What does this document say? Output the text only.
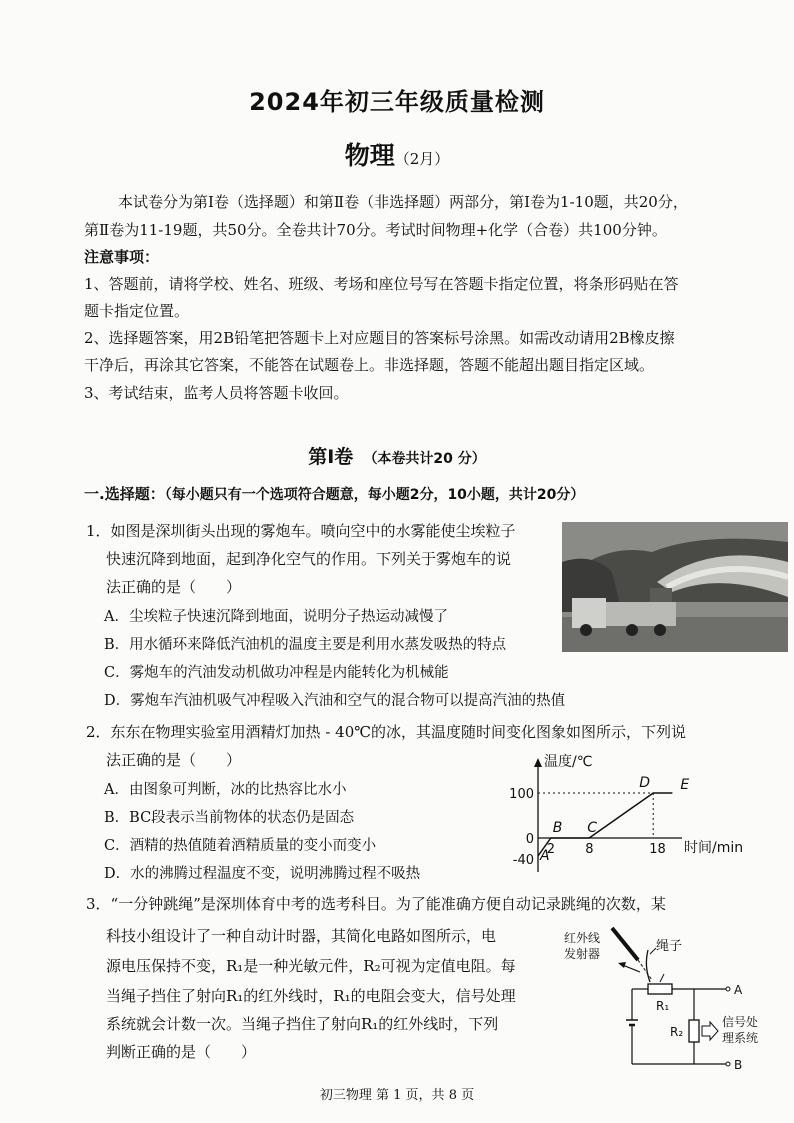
2024年初三年级质量检测
物理（2月）
本试卷分为第Ⅰ卷（选择题）和第Ⅱ卷（非选择题）两部分，第Ⅰ卷为1-10题，共20分，
第Ⅱ卷为11-19题，共50分。全卷共计70分。考试时间物理+化学（合卷）共100分钟。
注意事项：
1、答题前，请将学校、姓名、班级、考场和座位号写在答题卡指定位置，将条形码贴在答
题卡指定位置。
2、选择题答案，用2B铅笔把答题卡上对应题目的答案标号涂黑。如需改动请用2B橡皮擦
干净后，再涂其它答案，不能答在试题卷上。非选择题，答题不能超出题目指定区域。
3、考试结束，监考人员将答题卡收回。
第Ⅰ卷 （本卷共计20 分）
一.选择题：（每小题只有一个选项符合题意，每小题2分，10小题，共计20分）
1．如图是深圳街头出现的雾炮车。喷向空中的水雾能使尘埃粒子
快速沉降到地面，起到净化空气的作用。下列关于雾炮车的说
法正确的是（　　）
A．尘埃粒子快速沉降到地面，说明分子热运动减慢了
B．用水循环来降低汽油机的温度主要是利用水蒸发吸热的特点
C．雾炮车的汽油发动机做功冲程是内能转化为机械能
D．雾炮车汽油机吸气冲程吸入汽油和空气的混合物可以提高汽油的热值
2．东东在物理实验室用酒精灯加热 - 40℃的冰，其温度随时间变化图象如图所示，下列说
法正确的是（　　）
A．由图象可判断，冰的比热容比水小
B．BC段表示当前物体的状态仍是固态
C．酒精的热值随着酒精质量的变小而变小
D．水的沸腾过程温度不变，说明沸腾过程不吸热
温度/℃
时间/min
2 8	18
100
0
-40 A
B C
D E
3．“一分钟跳绳”是深圳体育中考的选考科目。为了能准确方便自动记录跳绳的次数，某
科技小组设计了一种自动计时器，其简化电路如图所示，电
源电压保持不变，R₁是一种光敏元件，R₂可视为定值电阻。每
当绳子挡住了射向R₁的红外线时，R₁的电阻会变大，信号处理
系统就会计数一次。当绳子挡住了射向R₁的红外线时，下列
判断正确的是（　　）
红外线
发射器	绳子
R₁
R₂
A
B
信号处
理系统
初三物理 第 1 页，共 8 页
